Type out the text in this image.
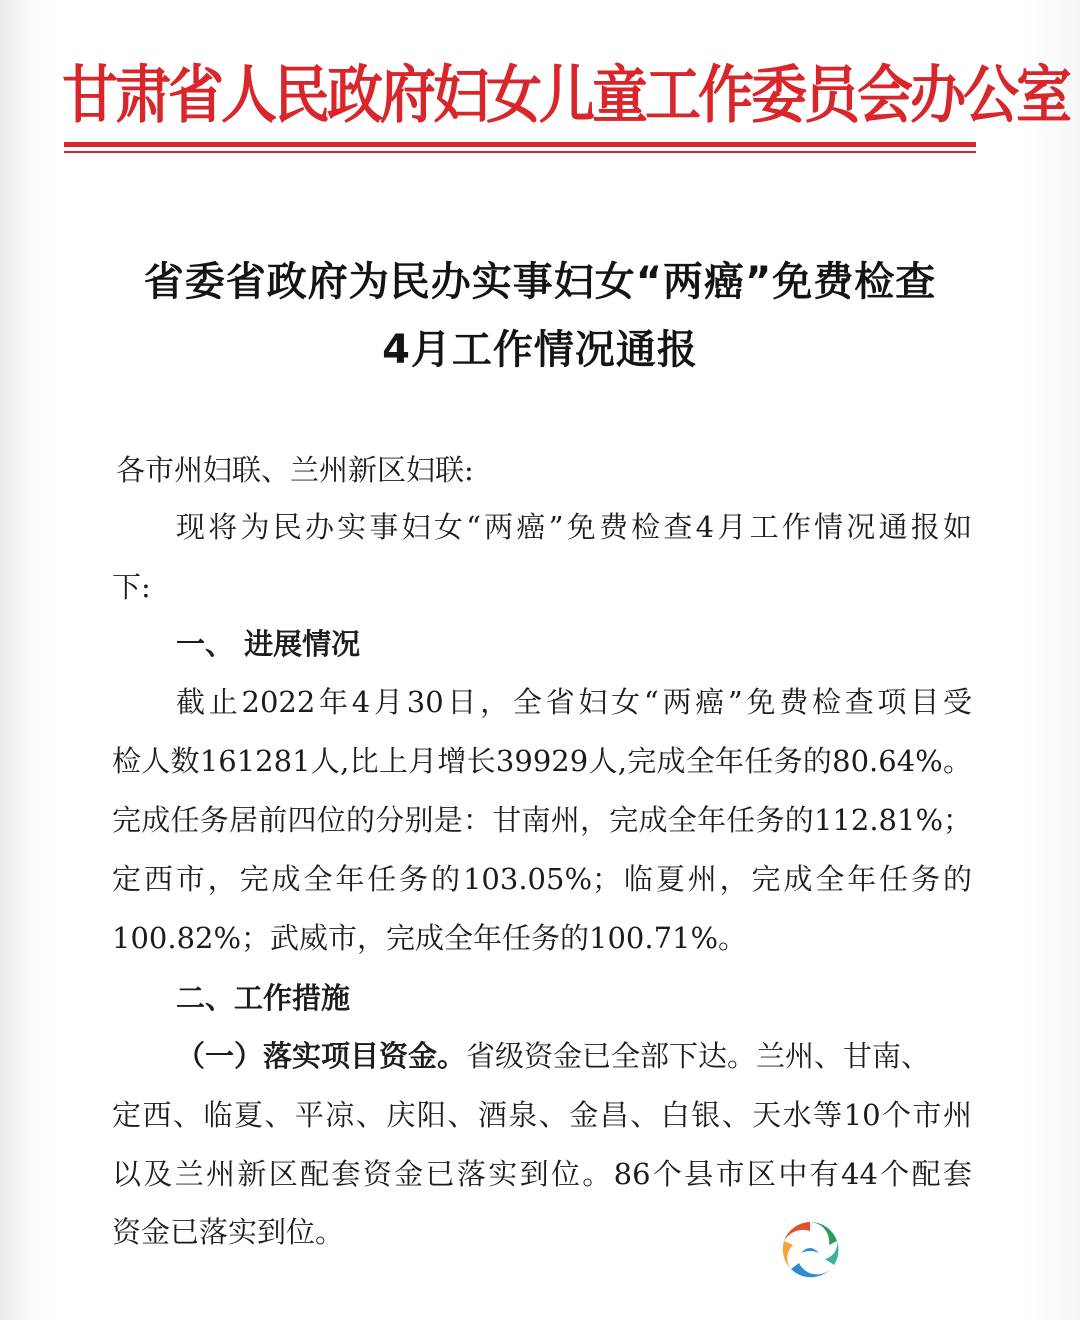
甘肃省人民政府妇女儿童工作委员会办公室
省委省政府为民办实事妇女“两癌”免费检查
4月工作情况通报
各市州妇联、兰州新区妇联:
现将为民办实事妇女“两癌”免费检查4月工作情况通报如
下:
一、 进展情况
截止2022年4月30日，全省妇女“两癌”免费检查项目受
检人数161281人,比上月增长39929人,完成全年任务的80.64%。
完成任务居前四位的分别是：甘南州，完成全年任务的112.81%；
定西市，完成全年任务的103.05%；临夏州，完成全年任务的
100.82%；武威市，完成全年任务的100.71%。
二、工作措施
（一）落实项目资金。省级资金已全部下达。兰州、甘南、
定西、临夏、平凉、庆阳、酒泉、金昌、白银、天水等10个市州
以及兰州新区配套资金已落实到位。86个县市区中有44个配套
资金已落实到位。
